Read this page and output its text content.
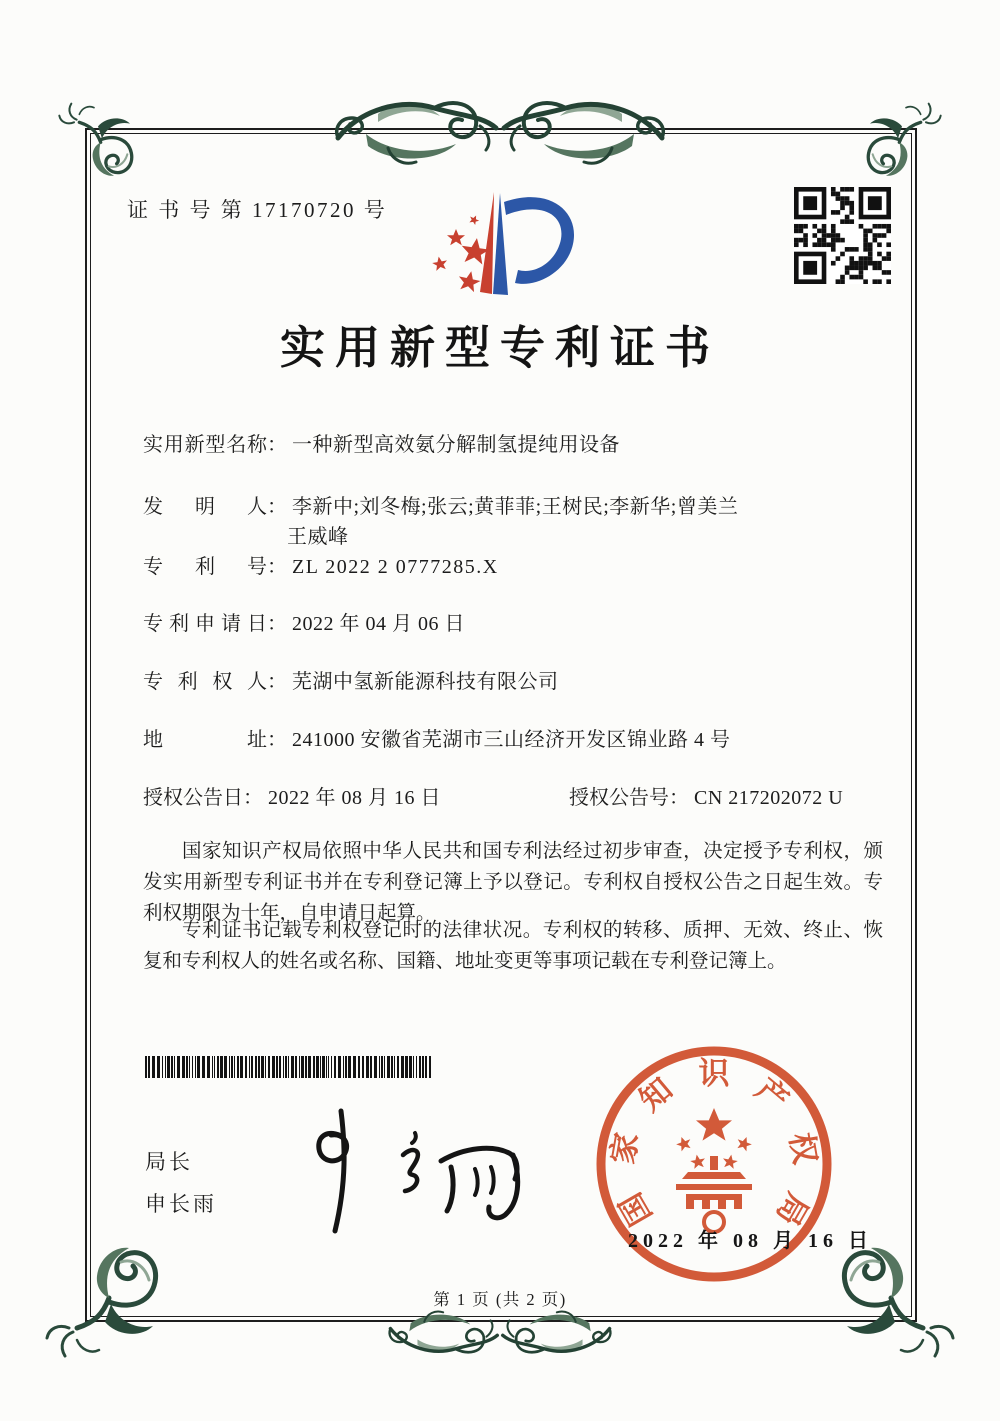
证 书 号 第 17170720 号
实用新型专利证书
实用新型名称： 一种新型高效氨分解制氢提纯用设备
发明人： 李新中;刘冬梅;张云;黄菲菲;王树民;李新华;曾美兰
王威峰
专利号： ZL 2022 2 0777285.X
专利申请日： 2022 年 04 月 06 日
专利权人： 芜湖中氢新能源科技有限公司
地址： 241000 安徽省芜湖市三山经济开发区锦业路 4 号
授权公告日： 2022 年 08 月 16 日	授权公告号： CN 217202072 U
国家知识产权局依照中华人民共和国专利法经过初步审查，决定授予专利权，颁发实用新型专利证书并在专利登记簿上予以登记。专利权自授权公告之日起生效。专利权期限为十年，自申请日起算。
专利证书记载专利权登记时的法律状况。专利权的转移、质押、无效、终止、恢复和专利权人的姓名或名称、国籍、地址变更等事项记载在专利登记簿上。
局长
申长雨	国
家
知 识 产
权
局
2022 年 08 月 16 日
第 1 页 (共 2 页)
